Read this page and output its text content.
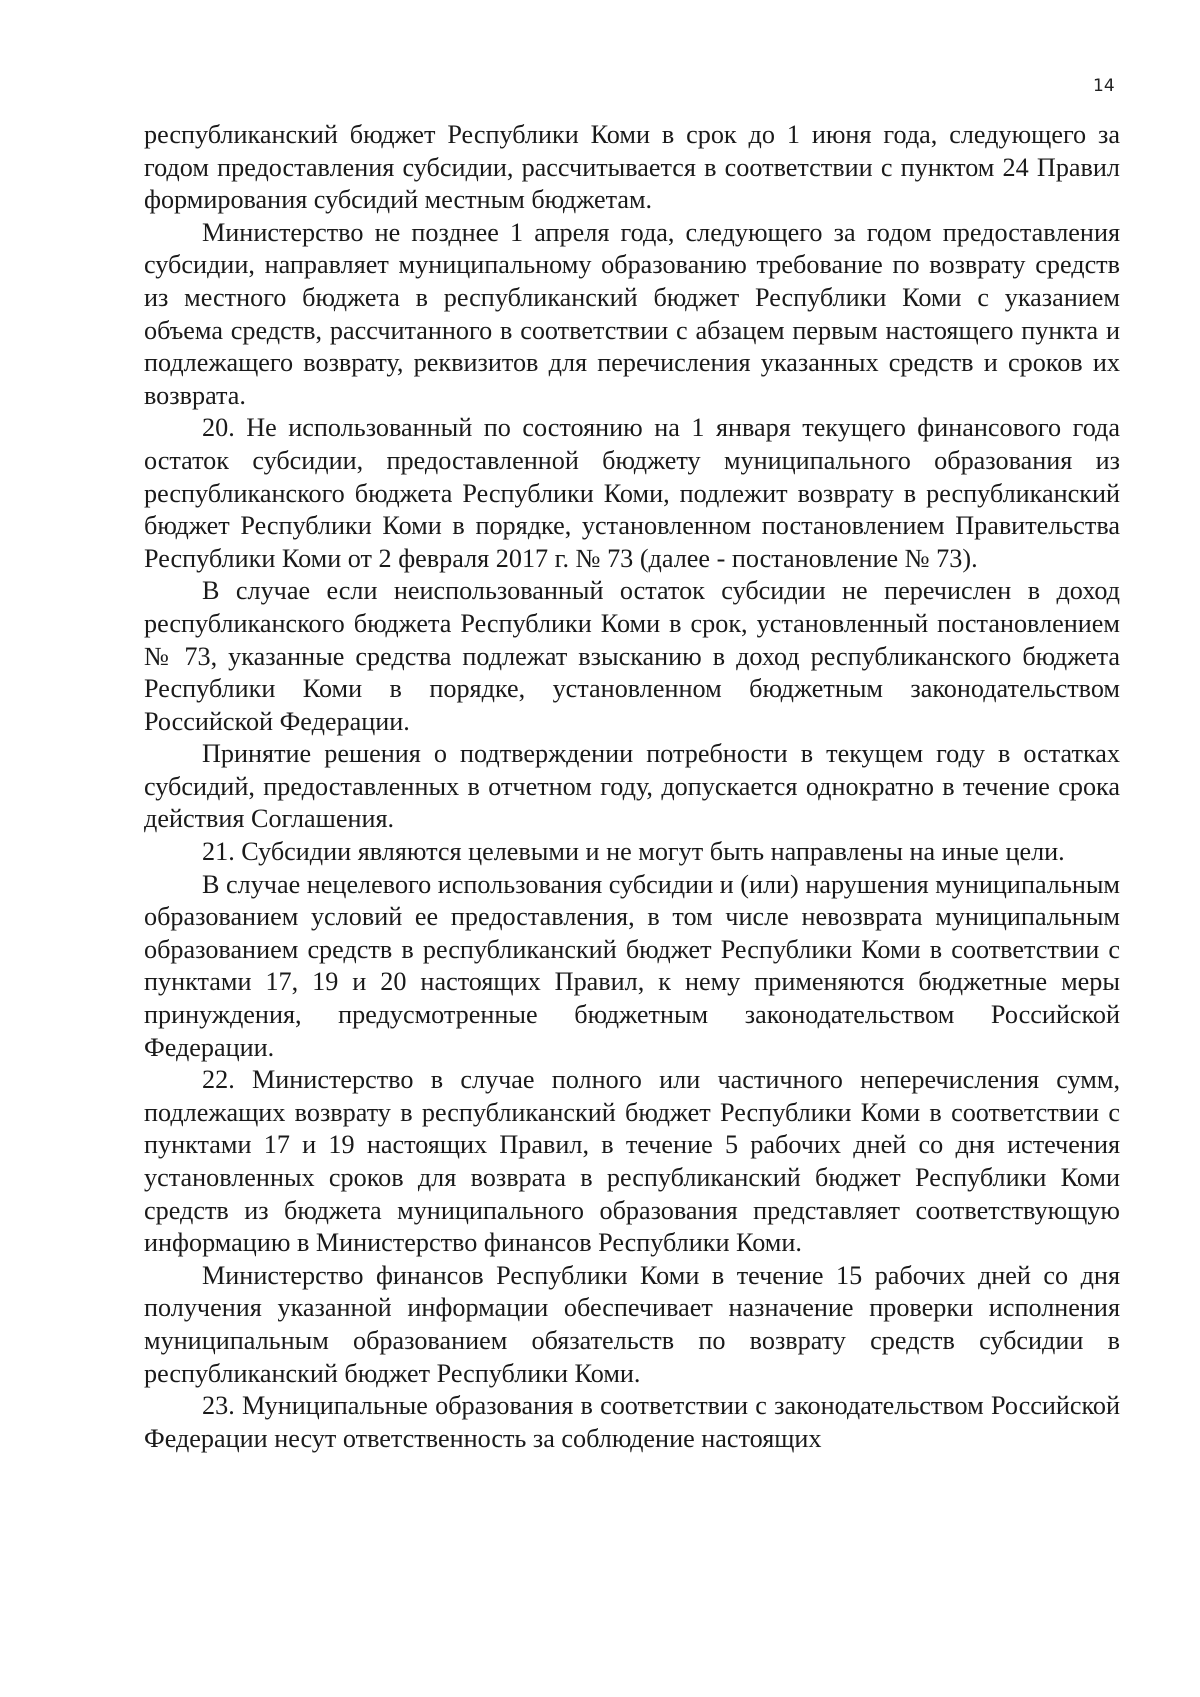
14

республиканский бюджет Республики Коми в срок до 1 июня года, следующего за годом предоставления субсидии, рассчитывается в соответствии с пунктом 24 Правил формирования субсидий местным бюджетам.

Министерство не позднее 1 апреля года, следующего за годом предоставления субсидии, направляет муниципальному образованию требование по возврату средств из местного бюджета в республиканский бюджет Республики Коми с указанием объема средств, рассчитанного в соответствии с абзацем первым настоящего пункта и подлежащего возврату, реквизитов для перечисления указанных средств и сроков их возврата.

20. Не использованный по состоянию на 1 января текущего финансового года остаток субсидии, предоставленной бюджету муниципального образования из республиканского бюджета Республики Коми, подлежит возврату в республиканский бюджет Республики Коми в порядке, установленном постановлением Правительства Республики Коми от 2 февраля 2017 г. № 73 (далее - постановление № 73).

В случае если неиспользованный остаток субсидии не перечислен в доход республиканского бюджета Республики Коми в срок, установленный постановлением № 73, указанные средства подлежат взысканию в доход республиканского бюджета Республики Коми в порядке, установленном бюджетным законодательством Российской Федерации.

Принятие решения о подтверждении потребности в текущем году в остатках субсидий, предоставленных в отчетном году, допускается однократно в течение срока действия Соглашения.

21. Субсидии являются целевыми и не могут быть направлены на иные цели.

В случае нецелевого использования субсидии и (или) нарушения муниципальным образованием условий ее предоставления, в том числе невозврата муниципальным образованием средств в республиканский бюджет Республики Коми в соответствии с пунктами 17, 19 и 20 настоящих Правил, к нему применяются бюджетные меры принуждения, предусмотренные бюджетным законодательством Российской Федерации.

22. Министерство в случае полного или частичного неперечисления сумм, подлежащих возврату в республиканский бюджет Республики Коми в соответствии с пунктами 17 и 19 настоящих Правил, в течение 5 рабочих дней со дня истечения установленных сроков для возврата в республиканский бюджет Республики Коми средств из бюджета муниципального образования представляет соответствующую информацию в Министерство финансов Республики Коми.

Министерство финансов Республики Коми в течение 15 рабочих дней со дня получения указанной информации обеспечивает назначение проверки исполнения муниципальным образованием обязательств по возврату средств субсидии в республиканский бюджет Республики Коми.

23. Муниципальные образования в соответствии с законодательством Российской Федерации несут ответственность за соблюдение настоящих
